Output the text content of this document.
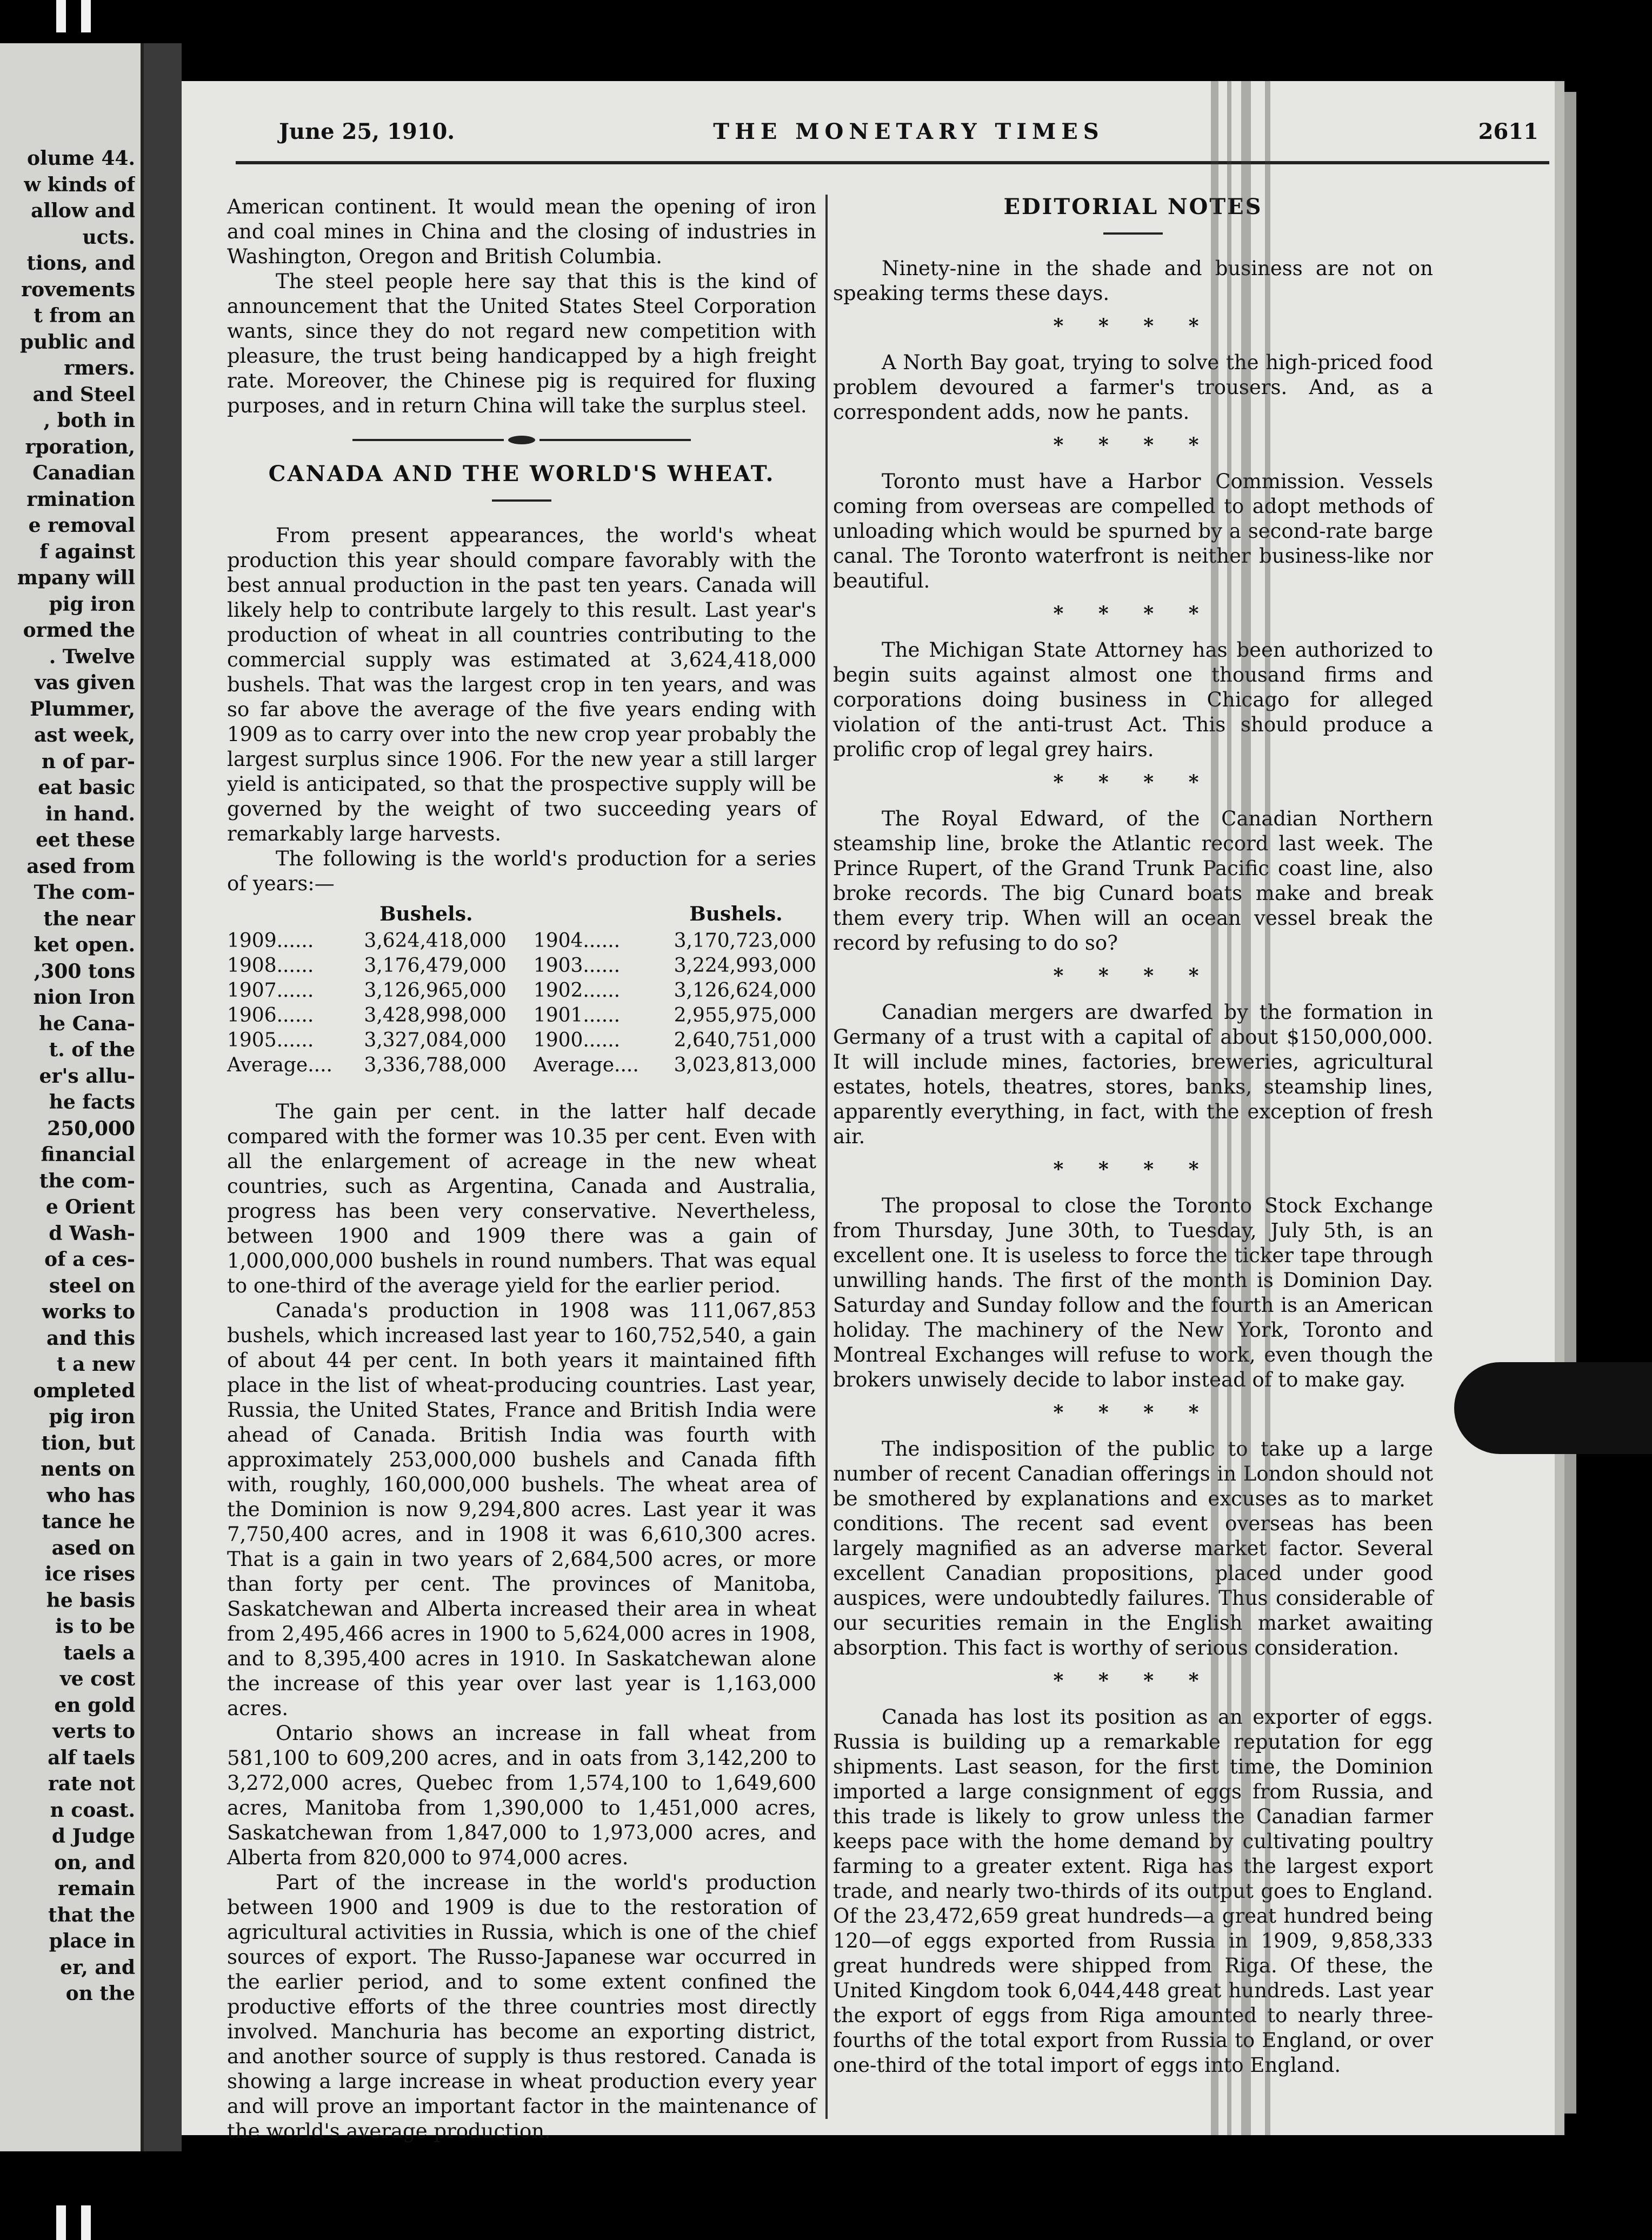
olume 44.
w kinds of
allow and
ucts.
tions, and
rovements
t from an
public and
rmers.
and Steel
, both in
rporation,
Canadian
rmination
e removal
f against
mpany will
pig iron
ormed the
. Twelve
vas given
Plummer,
ast week,
n of par-
eat basic
in hand.
eet these
ased from
The com-
the near
ket open.
,300 tons
nion Iron
he Cana-
t. of the
er's allu-
he facts
250,000
financial
the com-
e Orient
d Wash-
of a ces-
steel on
works to
and this
t a new
ompleted
pig iron
tion, but
nents on
who has
tance he
ased on
ice rises
he basis
is to be
taels a
ve cost
en gold
verts to
alf taels
rate not
n coast.
d Judge
on, and
remain
that the
place in
er, and
on the
June 25, 1910.	THE MONETARY TIMES	2611

American continent. It would mean the opening of iron and coal mines in China and the closing of industries in Washington, Oregon and British Columbia.

The steel people here say that this is the kind of announcement that the United States Steel Corporation wants, since they do not regard new competition with pleasure, the trust being handicapped by a high freight rate. Moreover, the Chinese pig is required for fluxing purposes, and in return China will take the surplus steel.

CANADA AND THE WORLD'S WHEAT.

From present appearances, the world's wheat production this year should compare favorably with the best annual production in the past ten years. Canada will likely help to contribute largely to this result. Last year's production of wheat in all countries contributing to the commercial supply was estimated at 3,624,418,000 bushels. That was the largest crop in ten years, and was so far above the average of the five years ending with 1909 as to carry over into the new crop year probably the largest surplus since 1906. For the new year a still larger yield is anticipated, so that the prospective supply will be governed by the weight of two succeeding years of remarkably large harvests.

The following is the world's production for a series of years:—

	Bushels.		Bushels.
1909......	3,624,418,000	1904......	3,170,723,000
1908......	3,176,479,000	1903......	3,224,993,000
1907......	3,126,965,000	1902......	3,126,624,000
1906......	3,428,998,000	1901......	2,955,975,000
1905......	3,327,084,000	1900......	2,640,751,000
Average....	3,336,788,000	Average....	3,023,813,000

The gain per cent. in the latter half decade compared with the former was 10.35 per cent. Even with all the enlargement of acreage in the new wheat countries, such as Argentina, Canada and Australia, progress has been very conservative. Nevertheless, between 1900 and 1909 there was a gain of 1,000,000,000 bushels in round numbers. That was equal to one-third of the average yield for the earlier period.

Canada's production in 1908 was 111,067,853 bushels, which increased last year to 160,752,540, a gain of about 44 per cent. In both years it maintained fifth place in the list of wheat-producing countries. Last year, Russia, the United States, France and British India were ahead of Canada. British India was fourth with approximately 253,000,000 bushels and Canada fifth with, roughly, 160,000,000 bushels. The wheat area of the Dominion is now 9,294,800 acres. Last year it was 7,750,400 acres, and in 1908 it was 6,610,300 acres. That is a gain in two years of 2,684,500 acres, or more than forty per cent. The provinces of Manitoba, Saskatchewan and Alberta increased their area in wheat from 2,495,466 acres in 1900 to 5,624,000 acres in 1908, and to 8,395,400 acres in 1910. In Saskatchewan alone the increase of this year over last year is 1,163,000 acres.

Ontario shows an increase in fall wheat from 581,100 to 609,200 acres, and in oats from 3,142,200 to 3,272,000 acres, Quebec from 1,574,100 to 1,649,600 acres, Manitoba from 1,390,000 to 1,451,000 acres, Saskatchewan from 1,847,000 to 1,973,000 acres, and Alberta from 820,000 to 974,000 acres.

Part of the increase in the world's production between 1900 and 1909 is due to the restoration of agricultural activities in Russia, which is one of the chief sources of export. The Russo-Japanese war occurred in the earlier period, and to some extent confined the productive efforts of the three countries most directly involved. Manchuria has become an exporting district, and another source of supply is thus restored. Canada is showing a large increase in wheat production every year and will prove an important factor in the maintenance of the world's average production.

EDITORIAL NOTES

Ninety-nine in the shade and business are not on speaking terms these days.

* * * *

A North Bay goat, trying to solve the high-priced food problem devoured a farmer's trousers. And, as a correspondent adds, now he pants.

* * * *

Toronto must have a Harbor Commission. Vessels coming from overseas are compelled to adopt methods of unloading which would be spurned by a second-rate barge canal. The Toronto waterfront is neither business-like nor beautiful.

* * * *

The Michigan State Attorney has been authorized to begin suits against almost one thousand firms and corporations doing business in Chicago for alleged violation of the anti-trust Act. This should produce a prolific crop of legal grey hairs.

* * * *

The Royal Edward, of the Canadian Northern steamship line, broke the Atlantic record last week. The Prince Rupert, of the Grand Trunk Pacific coast line, also broke records. The big Cunard boats make and break them every trip. When will an ocean vessel break the record by refusing to do so?

* * * *

Canadian mergers are dwarfed by the formation in Germany of a trust with a capital of about $150,000,000. It will include mines, factories, breweries, agricultural estates, hotels, theatres, stores, banks, steamship lines, apparently everything, in fact, with the exception of fresh air.

* * * *

The proposal to close the Toronto Stock Exchange from Thursday, June 30th, to Tuesday, July 5th, is an excellent one. It is useless to force the ticker tape through unwilling hands. The first of the month is Dominion Day. Saturday and Sunday follow and the fourth is an American holiday. The machinery of the New York, Toronto and Montreal Exchanges will refuse to work, even though the brokers unwisely decide to labor instead of to make gay.

* * * *

The indisposition of the public to take up a large number of recent Canadian offerings in London should not be smothered by explanations and excuses as to market conditions. The recent sad event overseas has been largely magnified as an adverse market factor. Several excellent Canadian propositions, placed under good auspices, were undoubtedly failures. Thus considerable of our securities remain in the English market awaiting absorption. This fact is worthy of serious consideration.

* * * *

Canada has lost its position as an exporter of eggs. Russia is building up a remarkable reputation for egg shipments. Last season, for the first time, the Dominion imported a large consignment of eggs from Russia, and this trade is likely to grow unless the Canadian farmer keeps pace with the home demand by cultivating poultry farming to a greater extent. Riga has the largest export trade, and nearly two-thirds of its output goes to England. Of the 23,472,659 great hundreds—a great hundred being 120—of eggs exported from Russia in 1909, 9,858,333 great hundreds were shipped from Riga. Of these, the United Kingdom took 6,044,448 great hundreds. Last year the export of eggs from Riga amounted to nearly three-fourths of the total export from Russia to England, or over one-third of the total import of eggs into England.
